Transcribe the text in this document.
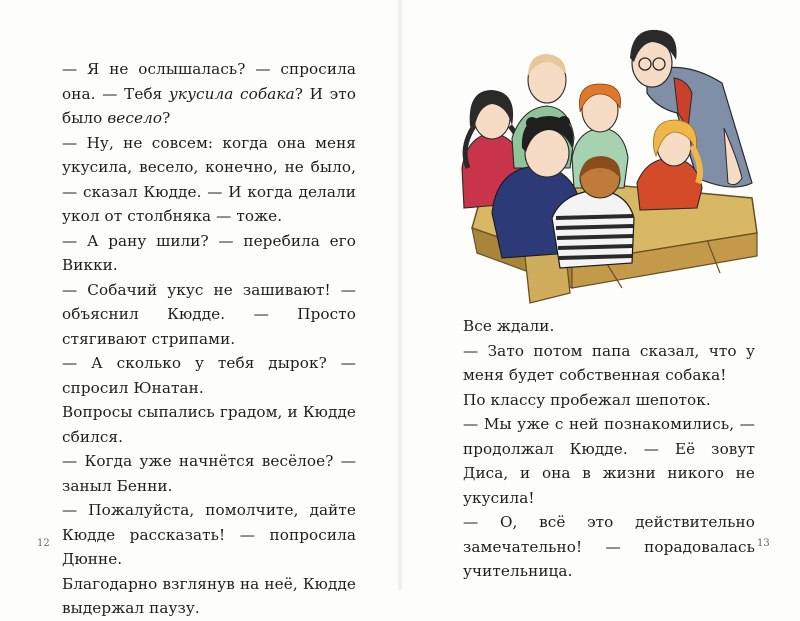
— Я не ослышалась? — спросила она. — Тебя укусила собака? И это было весело?

— Ну, не совсем: когда она меня укусила, весело, конечно, не было, — сказал Кюдде. — И когда делали укол от столбняка — тоже.

— А рану шили? — перебила его Викки.

— Собачий укус не зашивают! — объяснил Кюдде. — Просто стягивают стрипами.

— А сколько у тебя дырок? — спросил Юнатан.

Вопросы сыпались градом, и Кюдде сбился.

— Когда уже начнётся весёлое? — заныл Бенни.

— Пожалуйста, помолчите, дайте Кюдде рассказать! — попросила Дюнне.

Благодарно взглянув на неё, Кюдде выдержал паузу.

12	13

Все ждали.

— Зато потом папа сказал, что у меня будет собственная собака!

По классу пробежал шепоток.

— Мы уже с ней познакомились, — продолжал Кюдде. — Её зовут Диса, и она в жизни никого не укусила!

— О, всё это действительно замечательно! — порадовалась учительница.
